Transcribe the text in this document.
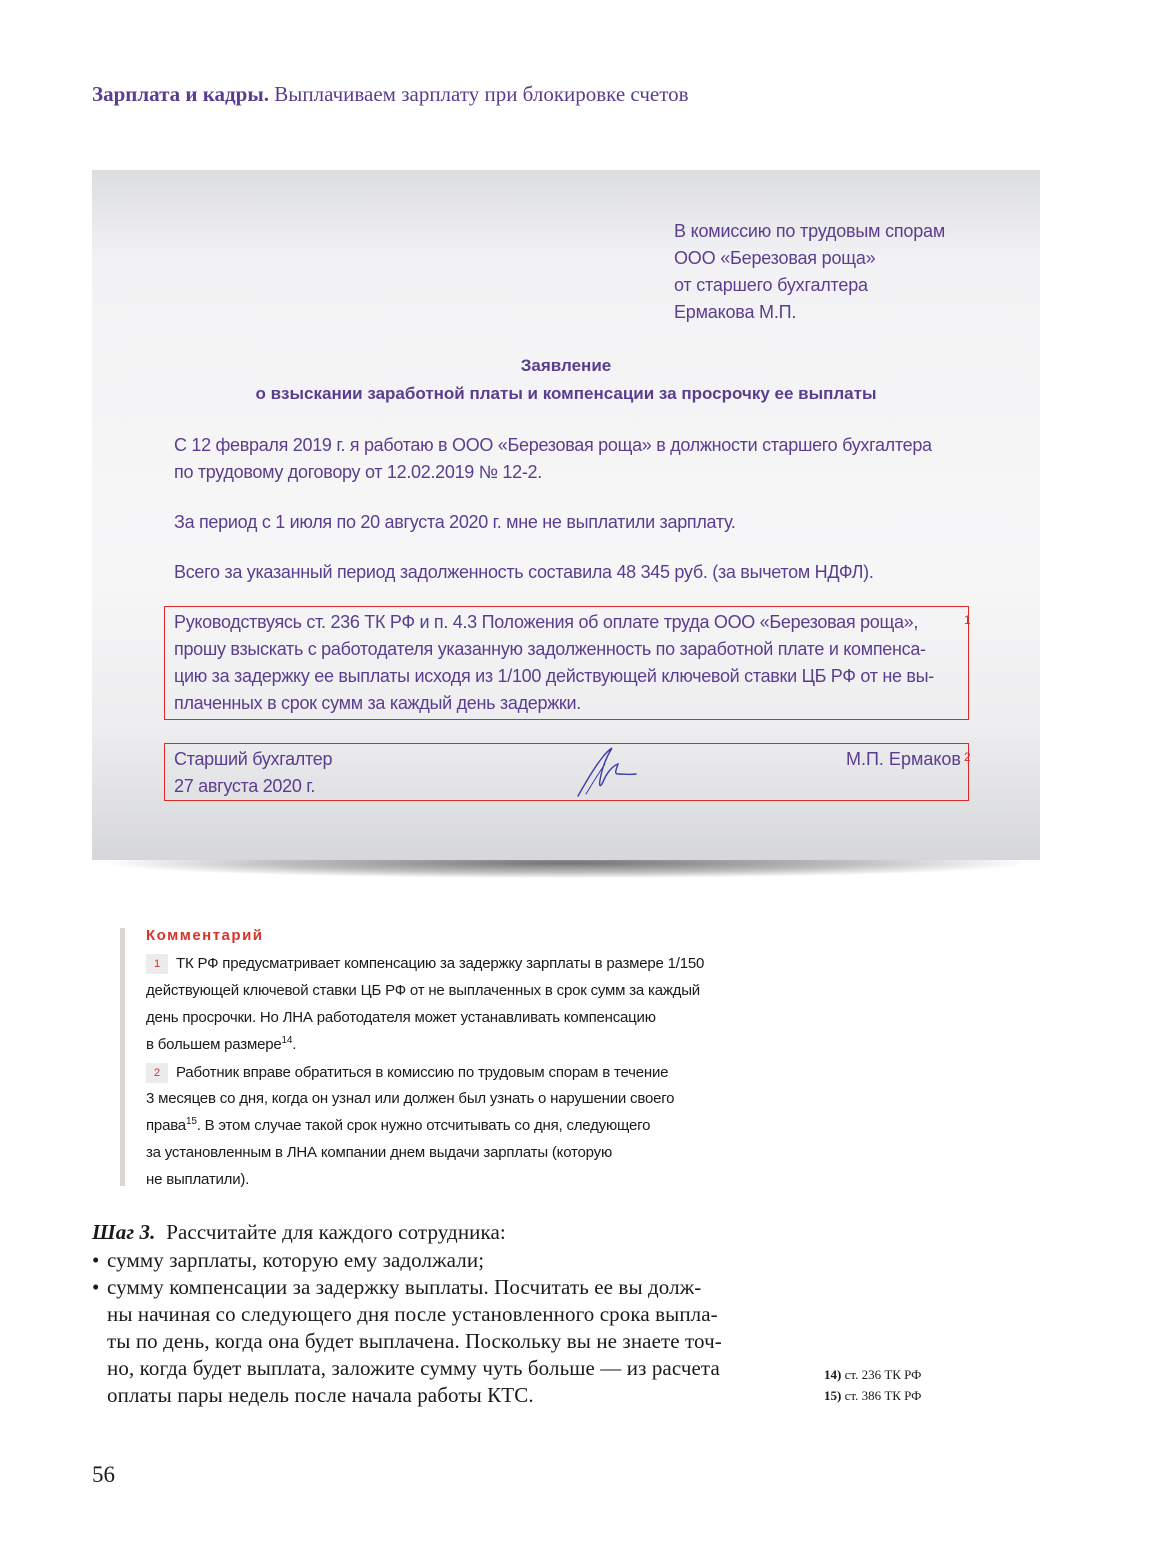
Зарплата и кадры. Выплачиваем зарплату при блокировке счетов
В комиссию по трудовым спорам
ООО «Березовая роща»
от старшего бухгалтера
Ермакова М.П.
Заявление
о взыскании заработной платы и компенсации за просрочку ее выплаты
С 12 февраля 2019 г. я работаю в ООО «Березовая роща» в должности старшего бухгалтера
по трудовому договору от 12.02.2019 № 12-2.
За период с 1 июля по 20 августа 2020 г. мне не выплатили зарплату.
Всего за указанный период задолженность составила 48 345 руб. (за вычетом НДФЛ).
1
Руководствуясь ст. 236 ТК РФ и п. 4.3 Положения об оплате труда ООО «Березовая роща»,
прошу взыскать с работодателя указанную задолженность по заработной плате и компенса-
цию за задержку ее выплаты исходя из 1/100 действующей ключевой ставки ЦБ РФ от не вы-
плаченных в срок сумм за каждый день задержки.
2
Старший бухгалтер
27 августа 2020 г.
М.П. Ермаков
Комментарий
1 ТК РФ предусматривает компенсацию за задержку зарплаты в размере 1/150
действующей ключевой ставки ЦБ РФ от не выплаченных в срок сумм за каждый
день просрочки. Но ЛНА работодателя может устанавливать компенсацию
в большем размере$^{14}$.
2 Работник вправе обратиться в комиссию по трудовым спорам в течение
3 месяцев со дня, когда он узнал или должен был узнать о нарушении своего
права$^{15}$. В этом случае такой срок нужно отсчитывать со дня, следующего
за установленным в ЛНА компании днем выдачи зарплаты (которую
не выплатили).
Шаг 3. Рассчитайте для каждого сотрудника:
• сумму зарплаты, которую ему задолжали;
• сумму компенсации за задержку выплаты. Посчитать ее вы долж-
ны начиная со следующего дня после установленного срока выпла-
ты по день, когда она будет выплачена. Поскольку вы не знаете точ-
но, когда будет выплата, заложите сумму чуть больше — из расчета
оплаты пары недель после начала работы КТС.
14) ст. 236 ТК РФ
15) ст. 386 ТК РФ
56
